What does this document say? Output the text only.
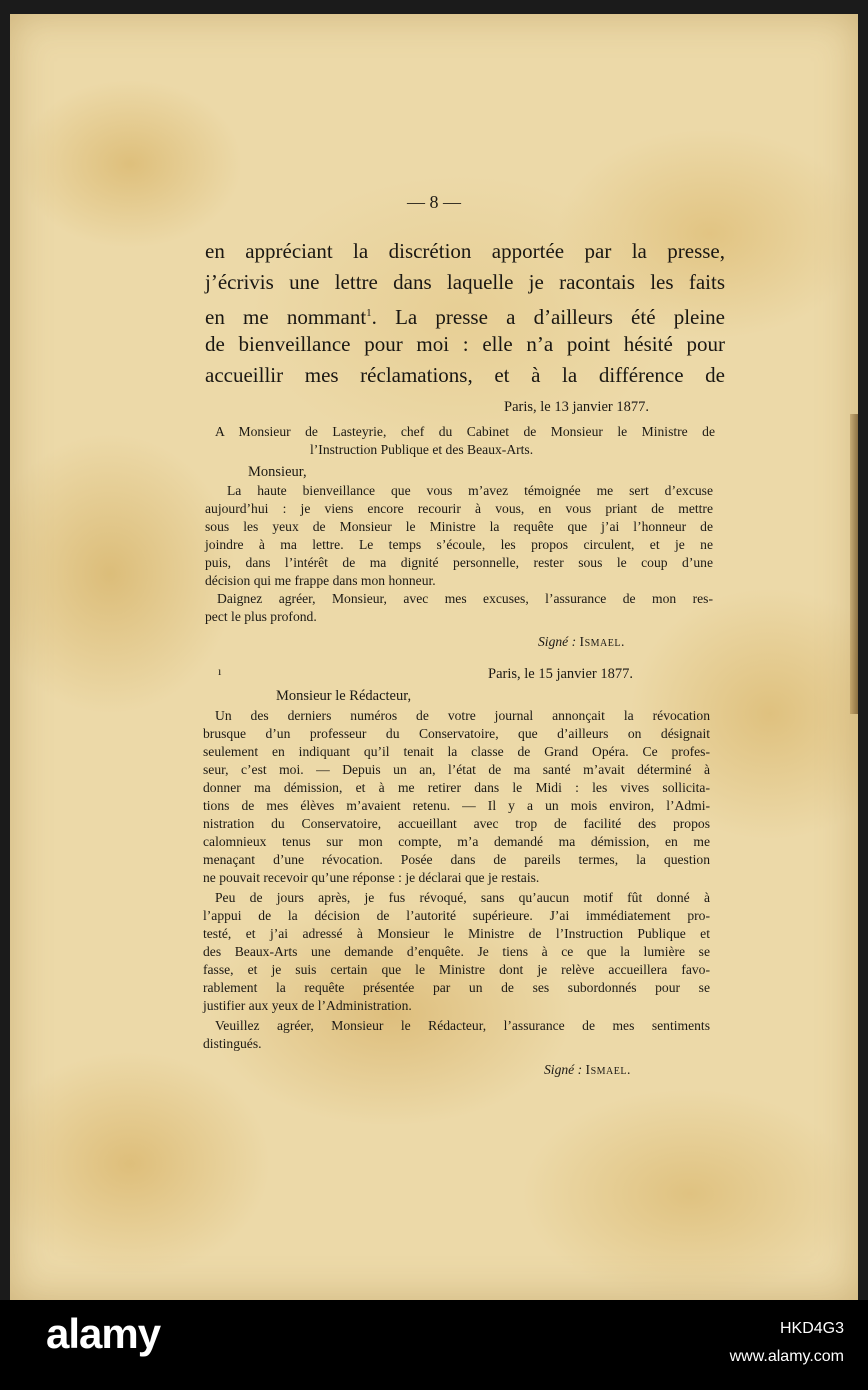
— 8 —

en appréciant la discrétion apportée par la presse,

j’écrivis une lettre dans laquelle je racontais les faits

en me nommant$^1$. La presse a d’ailleurs été pleine

de bienveillance pour moi : elle n’a point hésité pour

accueillir mes réclamations, et à la différence de

Paris, le 13 janvier 1877.

A Monsieur de Lasteyrie, chef du Cabinet de Monsieur le Ministre de

l’Instruction Publique et des Beaux-Arts.

Monsieur,

La haute bienveillance que vous m’avez témoignée me sert d’excuse

aujourd’hui : je viens encore recourir à vous, en vous priant de mettre

sous les yeux de Monsieur le Ministre la requête que j’ai l’honneur de

joindre à ma lettre. Le temps s’écoule, les propos circulent, et je ne

puis, dans l’intérêt de ma dignité personnelle, rester sous le coup d’une

décision qui me frappe dans mon honneur.

Daignez agréer, Monsieur, avec mes excuses, l’assurance de mon res-

pect le plus profond.

Signé : Ismael.

ı	Paris, le 15 janvier 1877.

Monsieur le Rédacteur,

Un des derniers numéros de votre journal annonçait la révocation

brusque d’un professeur du Conservatoire, que d’ailleurs on désignait

seulement en indiquant qu’il tenait la classe de Grand Opéra. Ce profes-

seur, c’est moi. — Depuis un an, l’état de ma santé m’avait déterminé à

donner ma démission, et à me retirer dans le Midi : les vives sollicita-

tions de mes élèves m’avaient retenu. — Il y a un mois environ, l’Admi-

nistration du Conservatoire, accueillant avec trop de facilité des propos

calomnieux tenus sur mon compte, m’a demandé ma démission, en me

menaçant d’une révocation. Posée dans de pareils termes, la question

ne pouvait recevoir qu’une réponse : je déclarai que je restais.

Peu de jours après, je fus révoqué, sans qu’aucun motif fût donné à

l’appui de la décision de l’autorité supérieure. J’ai immédiatement pro-

testé, et j’ai adressé à Monsieur le Ministre de l’Instruction Publique et

des Beaux-Arts une demande d’enquête. Je tiens à ce que la lumière se

fasse, et je suis certain que le Ministre dont je relève accueillera favo-

rablement la requête présentée par un de ses subordonnés pour se

justifier aux yeux de l’Administration.

Veuillez agréer, Monsieur le Rédacteur, l’assurance de mes sentiments

distingués.

Signé : Ismael.

alamy	HKD4G3
www.alamy.com
